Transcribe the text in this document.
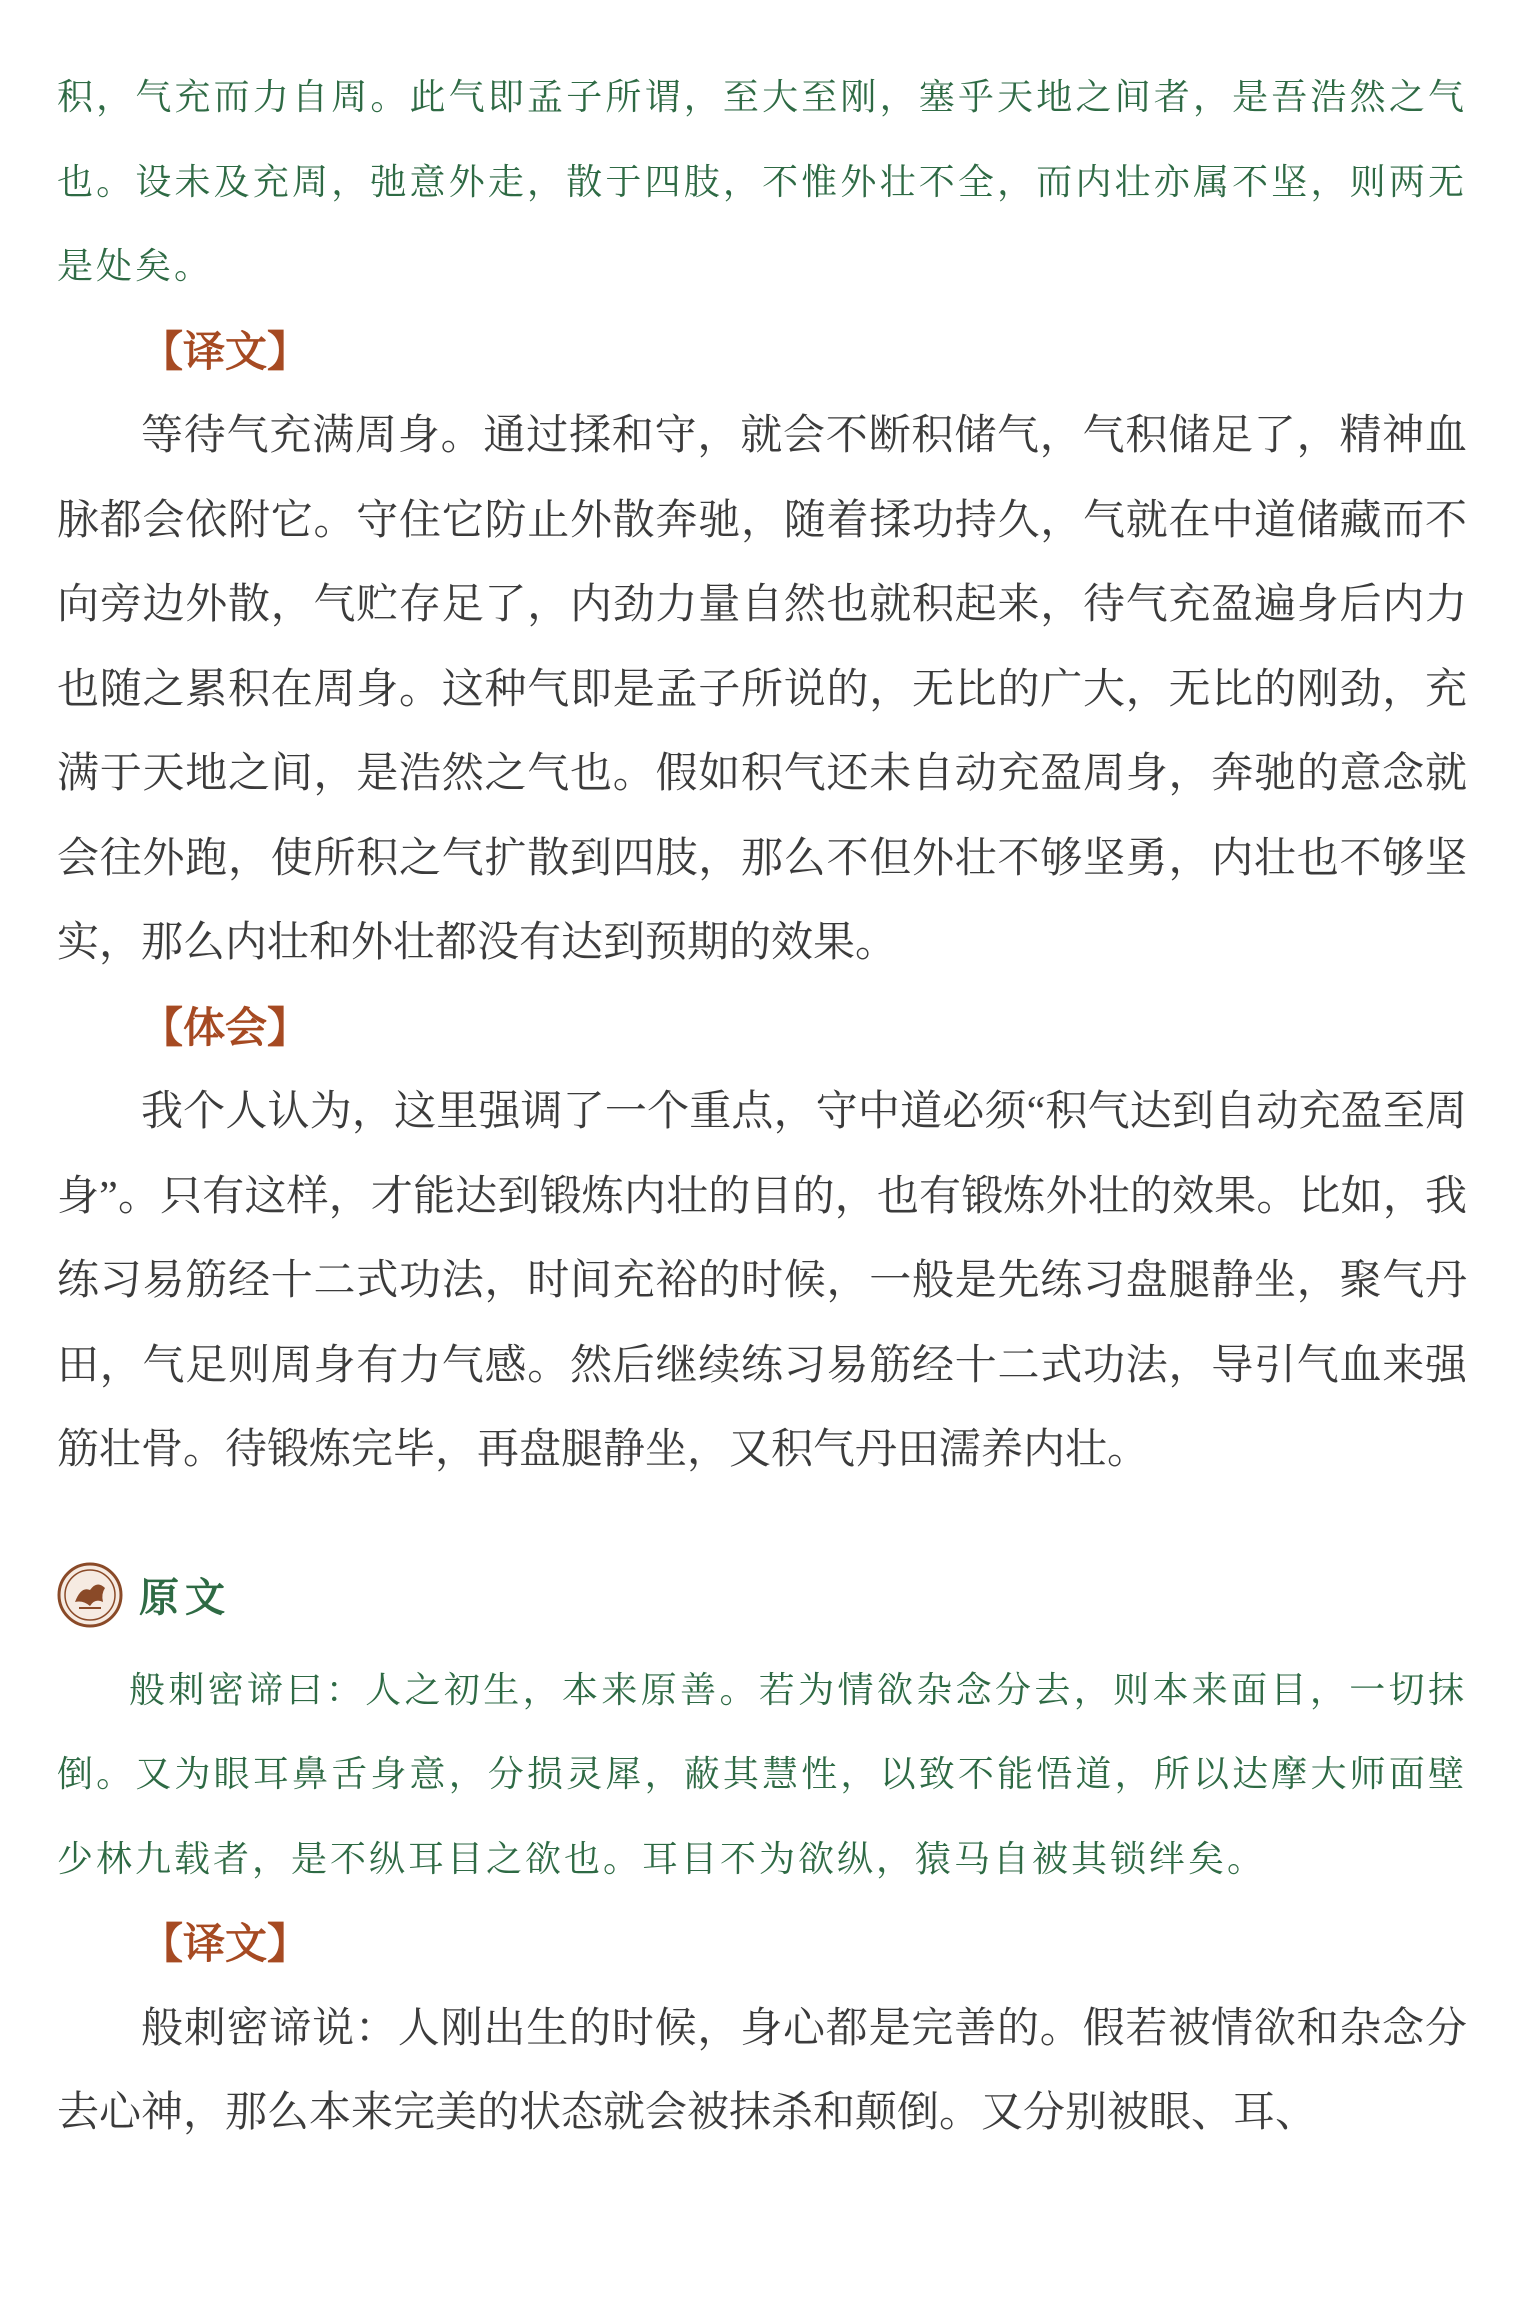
积，气充而力自周。此气即孟子所谓，至大至刚，塞乎天地之间者，是吾浩然之气也。设未及充周，弛意外走，散于四肢，不惟外壮不全，而内壮亦属不坚，则两无是处矣。

【译文】

等待气充满周身。通过揉和守，就会不断积储气，气积储足了，精神血脉都会依附它。守住它防止外散奔驰，随着揉功持久，气就在中道储藏而不向旁边外散，气贮存足了，内劲力量自然也就积起来，待气充盈遍身后内力也随之累积在周身。这种气即是孟子所说的，无比的广大，无比的刚劲，充满于天地之间，是浩然之气也。假如积气还未自动充盈周身，奔驰的意念就会往外跑，使所积之气扩散到四肢，那么不但外壮不够坚勇，内壮也不够坚实，那么内壮和外壮都没有达到预期的效果。

【体会】

我个人认为，这里强调了一个重点，守中道必须“积气达到自动充盈至周身”。只有这样，才能达到锻炼内壮的目的，也有锻炼外壮的效果。比如，我练习易筋经十二式功法，时间充裕的时候，一般是先练习盘腿静坐，聚气丹田，气足则周身有力气感。然后继续练习易筋经十二式功法，导引气血来强筋壮骨。待锻炼完毕，再盘腿静坐，又积气丹田濡养内壮。

原文

般刺密谛曰：人之初生，本来原善。若为情欲杂念分去，则本来面目，一切抹倒。又为眼耳鼻舌身意，分损灵犀，蔽其慧性，以致不能悟道，所以达摩大师面壁少林九载者，是不纵耳目之欲也。耳目不为欲纵，猿马自被其锁绊矣。

【译文】

般刺密谛说：人刚出生的时候，身心都是完善的。假若被情欲和杂念分去心神，那么本来完美的状态就会被抹杀和颠倒。又分别被眼、耳、
